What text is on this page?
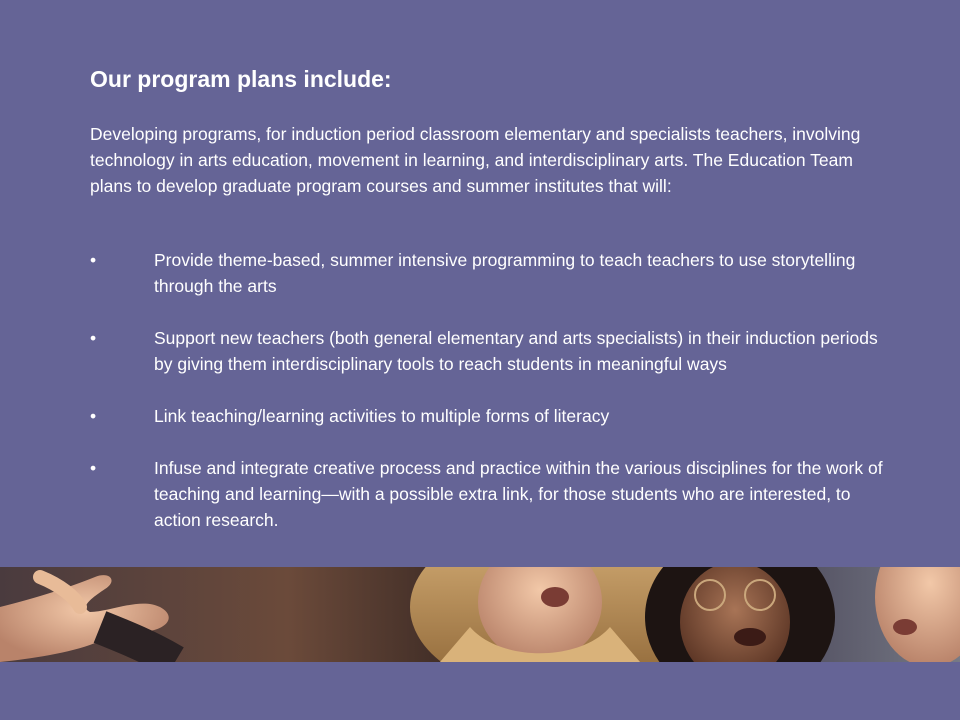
Our program plans include:

Developing programs, for induction period classroom elementary and specialists teachers, involving technology in arts education, movement in learning, and interdisciplinary arts. The Education Team plans to develop graduate program courses and summer institutes that will:

•	Provide theme-based, summer intensive programming to teach teachers to use storytelling through the arts
•	Support new teachers (both general elementary and arts specialists) in their induction periods by giving them interdisciplinary tools to reach students in meaningful ways
•	Link teaching/learning activities to multiple forms of literacy
•	Infuse and integrate creative process and practice within the various disciplines for the work of teaching and learning—with a possible extra link, for those students who are interested, to action research.
